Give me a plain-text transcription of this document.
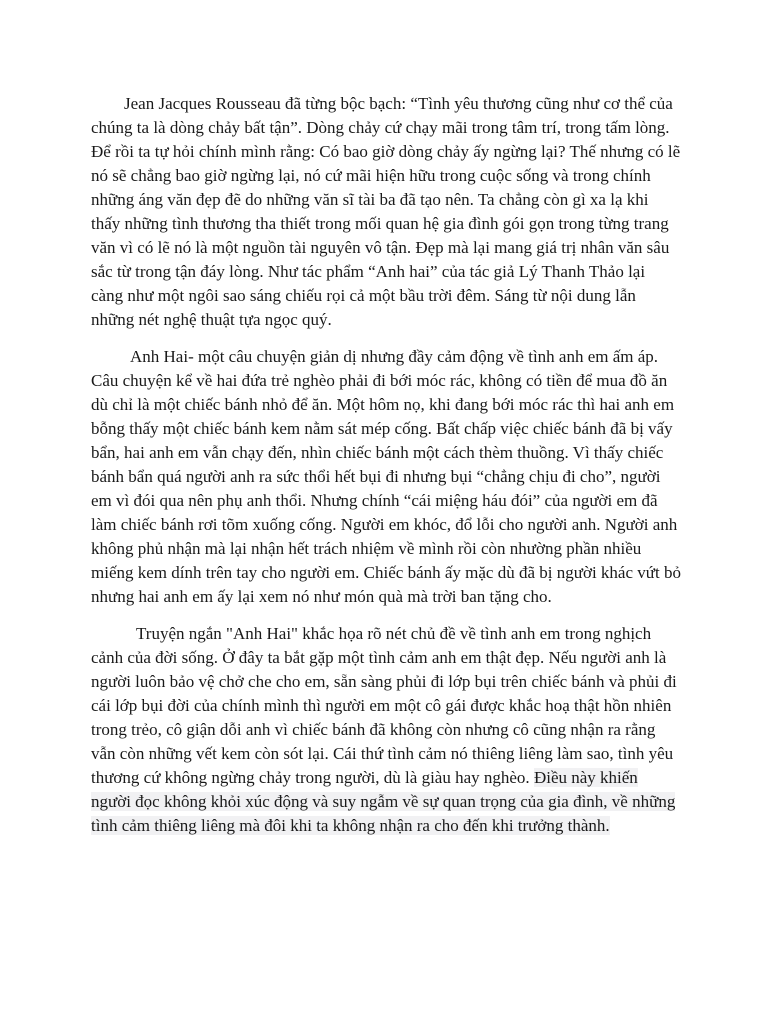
Jean Jacques Rousseau đã từng bộc bạch: “Tình yêu thương cũng như cơ thể của chúng ta là dòng chảy bất tận”. Dòng chảy cứ chạy mãi trong tâm trí, trong tấm lòng. Để rồi ta tự hỏi chính mình rằng: Có bao giờ dòng chảy ấy ngừng lại? Thế nhưng có lẽ nó sẽ chẳng bao giờ ngừng lại, nó cứ mãi hiện hữu trong cuộc sống và trong chính những áng văn đẹp đẽ do những văn sĩ tài ba đã tạo nên. Ta chẳng còn gì xa lạ khi thấy những tình thương tha thiết trong mối quan hệ gia đình gói gọn trong từng trang văn vì có lẽ nó là một nguồn tài nguyên vô tận. Đẹp mà lại mang giá trị nhân văn sâu sắc từ trong tận đáy lòng. Như tác phẩm “Anh hai” của tác giả Lý Thanh Thảo lại càng như một ngôi sao sáng chiếu rọi cả một bầu trời đêm. Sáng từ nội dung lẫn những nét nghệ thuật tựa ngọc quý.

Anh Hai- một câu chuyện giản dị nhưng đầy cảm động về tình anh em ấm áp. Câu chuyện kể về hai đứa trẻ nghèo phải đi bới móc rác, không có tiền để mua đồ ăn dù chỉ là một chiếc bánh nhỏ để ăn. Một hôm nọ, khi đang bới móc rác thì hai anh em bỗng thấy một chiếc bánh kem nằm sát mép cống. Bất chấp việc chiếc bánh đã bị vấy bẩn, hai anh em vẫn chạy đến, nhìn chiếc bánh một cách thèm thuồng. Vì thấy chiếc bánh bẩn quá người anh ra sức thổi hết bụi đi nhưng bụi “chẳng chịu đi cho”, người em vì đói qua nên phụ anh thổi. Nhưng chính “cái miệng háu đói” của người em đã làm chiếc bánh rơi tõm xuống cống. Người em khóc, đổ lỗi cho người anh. Người anh không phủ nhận mà lại nhận hết trách nhiệm về mình rồi còn nhường phần nhiều miếng kem dính trên tay cho người em. Chiếc bánh ấy mặc dù đã bị người khác vứt bỏ nhưng hai anh em ấy lại xem nó như món quà mà trời ban tặng cho.

Truyện ngắn "Anh Hai" khắc họa rõ nét chủ đề về tình anh em trong nghịch cảnh của đời sống. Ở đây ta bắt gặp một tình cảm anh em thật đẹp. Nếu người anh là người luôn bảo vệ chở che cho em, sẵn sàng phủi đi lớp bụi trên chiếc bánh và phủi đi cái lớp bụi đời của chính mình thì người em một cô gái được khắc hoạ thật hồn nhiên trong trẻo, cô giận dỗi anh vì chiếc bánh đã không còn nhưng cô cũng nhận ra rằng vẫn còn những vết kem còn sót lại. Cái thứ tình cảm nó thiêng liêng làm sao, tình yêu thương cứ không ngừng chảy trong người, dù là giàu hay nghèo. Điều này khiến người đọc không khỏi xúc động và suy ngẫm về sự quan trọng của gia đình, về những tình cảm thiêng liêng mà đôi khi ta không nhận ra cho đến khi trưởng thành.
